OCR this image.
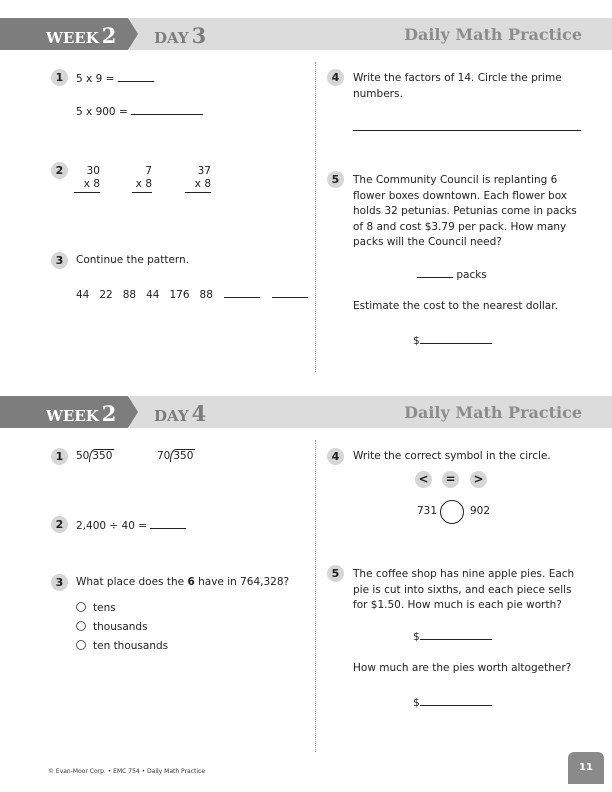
WEEK 2	DAY 3	Daily Math Practice
1	5 x 9 =
5 x 900 =
2	30
x 8
7
x 8
37
x 8
3	Continue the pattern.
44   22   88   44   176   88
4	Write the factors of 14. Circle the prime numbers.
5	The Community Council is replanting 6 flower boxes downtown. Each flower box holds 32 petunias. Petunias come in packs of 8 and cost $3.79 per pack. How many packs will the Council need?
packs
Estimate the cost to the nearest dollar.
$
WEEK 2	DAY 4	Daily Math Practice
1	50 350	70 350
2	2,400 ÷ 40 =
3	What place does the 6 have in 764,328?
tens
thousands
ten thousands
4	Write the correct symbol in the circle.
< = >
731	902
5	The coffee shop has nine apple pies. Each pie is cut into sixths, and each piece sells for $1.50. How much is each pie worth?
$
How much are the pies worth altogether?
$
© Evan-Moor Corp. • EMC 754 • Daily Math Practice	11
